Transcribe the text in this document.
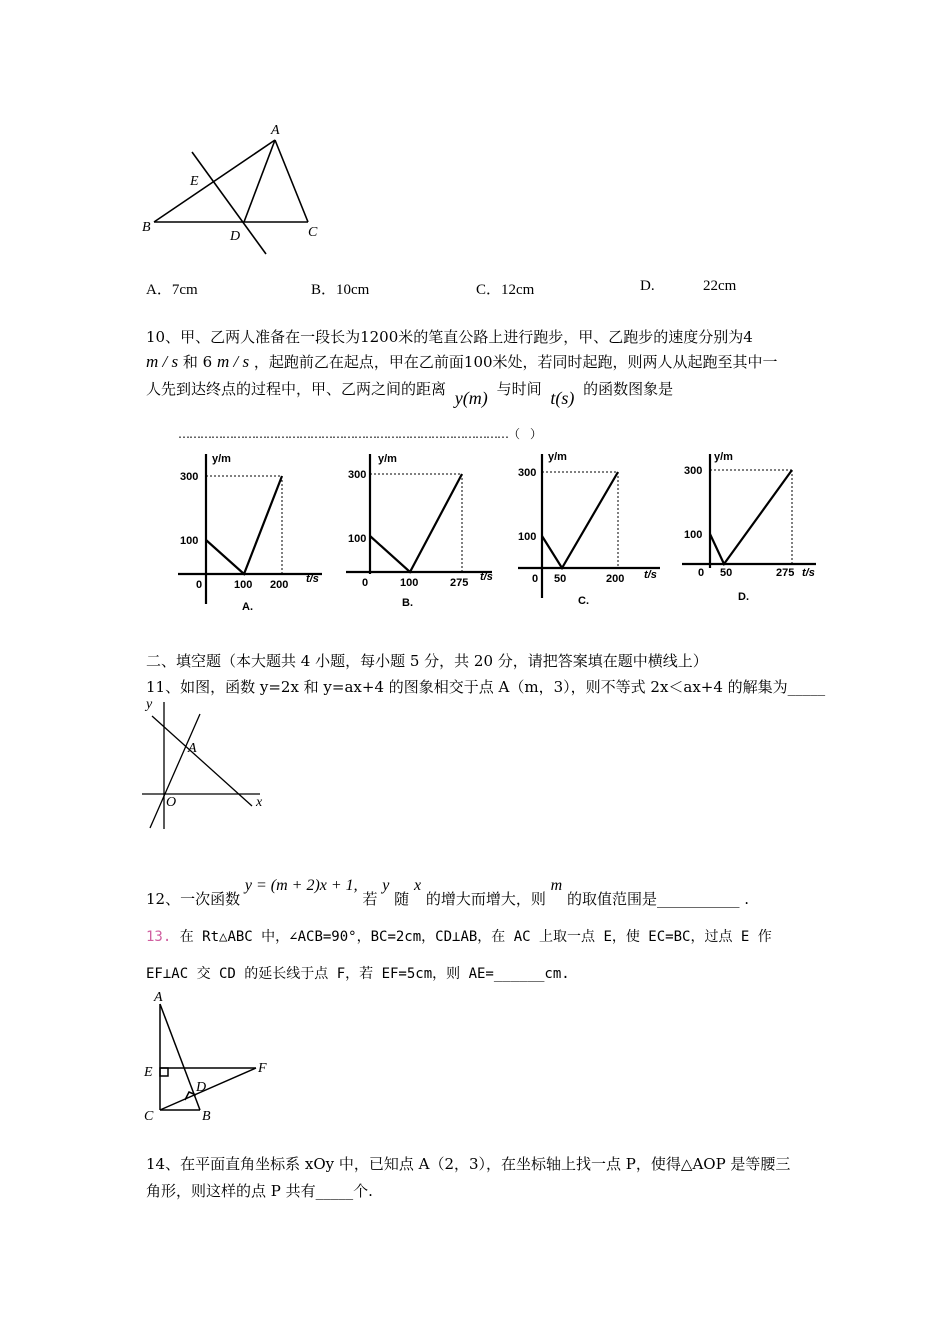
A
E
B
D	C
A．7cm	B．10cm	C．12cm	D.	22cm
10、甲、乙两人准备在一段长为1200米的笔直公路上进行跑步，甲、乙跑步的速度分别为4
m / s 和 6 m / s ，起跑前乙在起点，甲在乙前面100米处，若同时起跑，则两人从起跑至其中一
人先到达终点的过程中，甲、乙两之间的距离 y(m) 与时间 t(s) 的函数图象是
………………………………………………………………………………（　）
y/m
300
100
0	100 200 t/s
A.
y/m
300
100
0	100	275 t/s
B.
y/m
300
100
0 50	200 t/s
C.
y/m
300
100
0 50	275 t/s
D.
二、填空题（本大题共 4 小题，每小题 5 分，共 20 分，请把答案填在题中横线上）
11、如图，函数 y=2x 和 y=ax+4 的图象相交于点 A（m，3），则不等式 2x＜ax+4 的解集为_____
y
A
O	x
12、一次函数 y = (m + 2)x + 1, 若 y 随 x 的增大而增大，则 m 的取值范围是___________ .
13. 在 Rt△ABC 中，∠ACB=90°，BC=2cm，CD⊥AB，在 AC 上取一点 E，使 EC=BC，过点 E 作
EF⊥AC 交 CD 的延长线于点 F，若 EF=5cm，则 AE=______cm.
A
E	F
D
C	B
14、在平面直角坐标系 xOy 中，已知点 A（2，3），在坐标轴上找一点 P，使得△AOP 是等腰三
角形，则这样的点 P 共有_____个.
